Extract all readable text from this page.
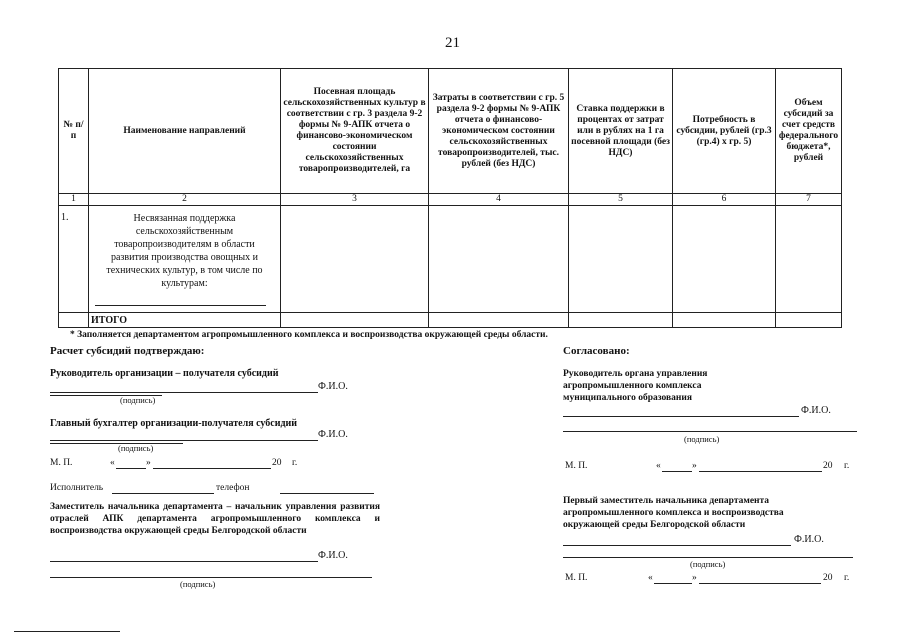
21
№ п/п	Наименование направлений	Посевная площадь сельскохозяйственных культур в соответствии с гр. 3 раздела 9-2 формы № 9-АПК отчета о финансово-экономическом состоянии сельскохозяйственных товаропроизводителей, га	Затраты в соответствии с гр. 5 раздела 9-2 формы № 9-АПК отчета о финансово-экономическом состоянии сельскохозяйственных товаропроизводителей, тыс. рублей (без НДС)	Ставка поддержки в процентах от затрат или в рублях на 1 га посевной площади (без НДС)	Потребность в субсидии, рублей (гр.3 (гр.4) х гр. 5)	Объем субсидий за счет средств федерального бюджета*, рублей
1	2	3	4	5	6	7
1.	Несвязанная поддержка сельскохозяйственным товаропроизводителям в области развития производства овощных и технических культур, в том числе по культурам:					

	ИТОГО					
* Заполняется департаментом агропромышленного комплекса и воспроизводства окружающей среды области.
Расчет субсидий подтверждаю:
Руководитель организации – получателя субсидий
Ф.И.О.
(подпись)
Главный бухгалтер организации-получателя субсидий
Ф.И.О.
(подпись)
М. П.	«	»	20 г.
Исполнитель	телефон
Заместитель начальника департамента – начальник управления развития отраслей АПК департамента агропромышленного комплекса и воспроизводства окружающей среды Белгородской области
Ф.И.О.
(подпись)
Согласовано:
Руководитель органа управления агропромышленного комплекса муниципального образования
Ф.И.О.
(подпись)
М. П.	«	»	20 г.
Первый заместитель начальника департамента агропромышленного комплекса и воспроизводства окружающей среды Белгородской области
Ф.И.О.
(подпись)
М. П.	«	»	20 г.
